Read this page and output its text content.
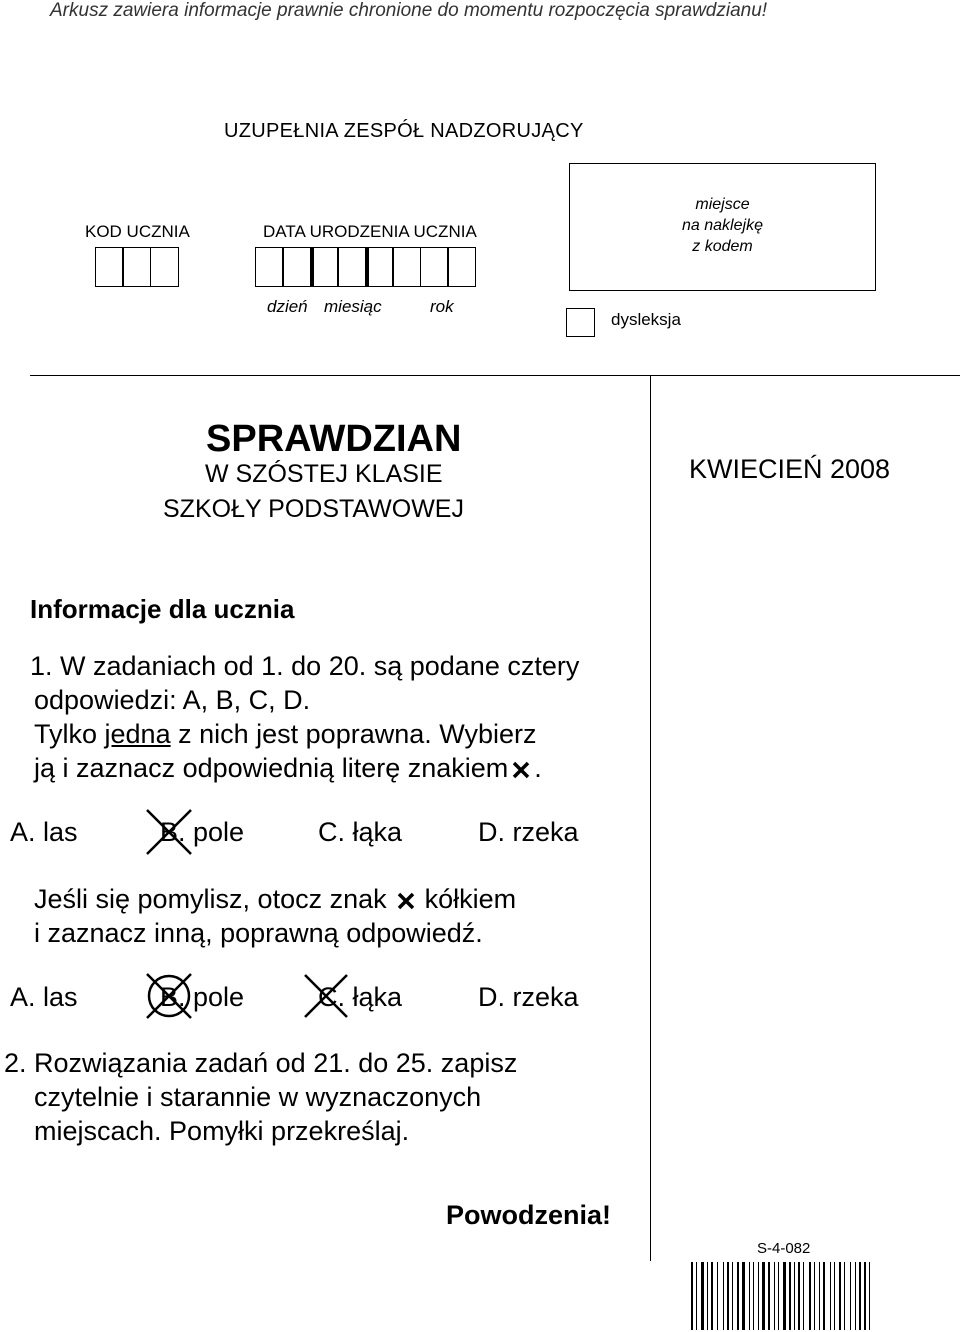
Arkusz zawiera informacje prawnie chronione do momentu rozpoczęcia sprawdzianu!
UZUPEŁNIA ZESPÓŁ NADZORUJĄCY
KOD UCZNIA	DATA URODZENIA UCZNIA
dzień miesiąc	rok
miejsce
na naklejkę
z kodem
dysleksja
SPRAWDZIAN
W SZÓSTEJ KLASIE
SZKOŁY PODSTAWOWEJ
KWIECIEŃ 2008
Informacje dla ucznia
1. W zadaniach od 1. do 20. są podane cztery
odpowiedzi: A, B, C, D.
Tylko jedna z nich jest poprawna. Wybierz
ją i zaznacz odpowiednią literę znakiem .
A. las	B. pole	C. łąka	D. rzeka
Jeśli się pomylisz, otocz znak kółkiem
i zaznacz inną, poprawną odpowiedź.
A. las	B. pole	C. łąka	D. rzeka
2. Rozwiązania zadań od 21. do 25. zapisz
czytelnie i starannie w wyznaczonych
miejscach. Pomyłki przekreślaj.
Powodzenia!
S-4-082
